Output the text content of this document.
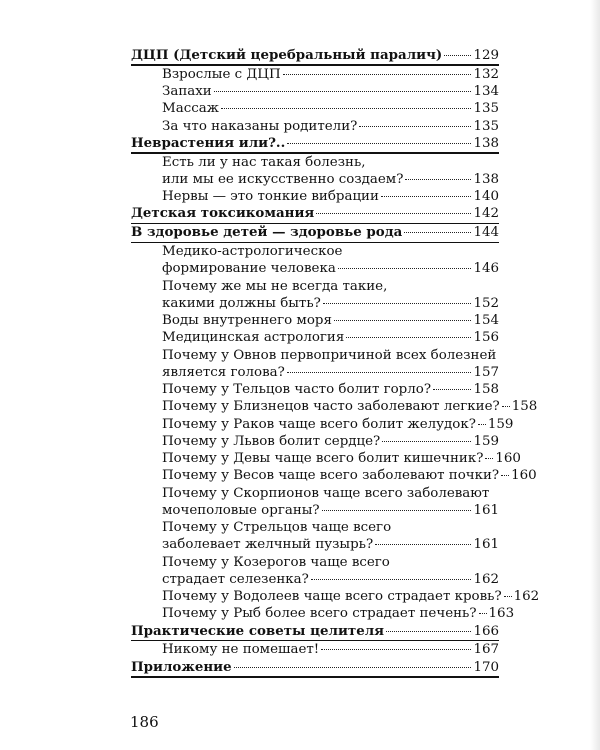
ДЦП (Детский церебральный паралич) 129
Взрослые с ДЦП	132
Запахи	134
Массаж	135
За что наказаны родители?	135
Неврастения или?..	138
Есть ли у нас такая болезнь,
или мы ее искусственно создаем?	138
Нервы — это тонкие вибрации	140
Детская токсикомания	142
В здоровье детей — здоровье рода	144
Медико-астрологическое
формирование человека	146
Почему же мы не всегда такие,
какими должны быть?	152
Воды внутреннего моря	154
Медицинская астрология	156
Почему у Овнов первопричиной всех болезней
является голова?	157
Почему у Тельцов часто болит горло?	158
Почему у Близнецов часто заболевают легкие? 158
Почему у Раков чаще всего болит желудок? 159
Почему у Львов болит сердце?	159
Почему у Девы чаще всего болит кишечник? 160
Почему у Весов чаще всего заболевают почки? 160
Почему у Скорпионов чаще всего заболевают
мочеполовые органы?	161
Почему у Стрельцов чаще всего
заболевает желчный пузырь?	161
Почему у Козерогов чаще всего
страдает селезенка?	162
Почему у Водолеев чаще всего страдает кровь? 162
Почему у Рыб более всего страдает печень? 163
Практические советы целителя	166
Никому не помешает!	167
Приложение	170
186
